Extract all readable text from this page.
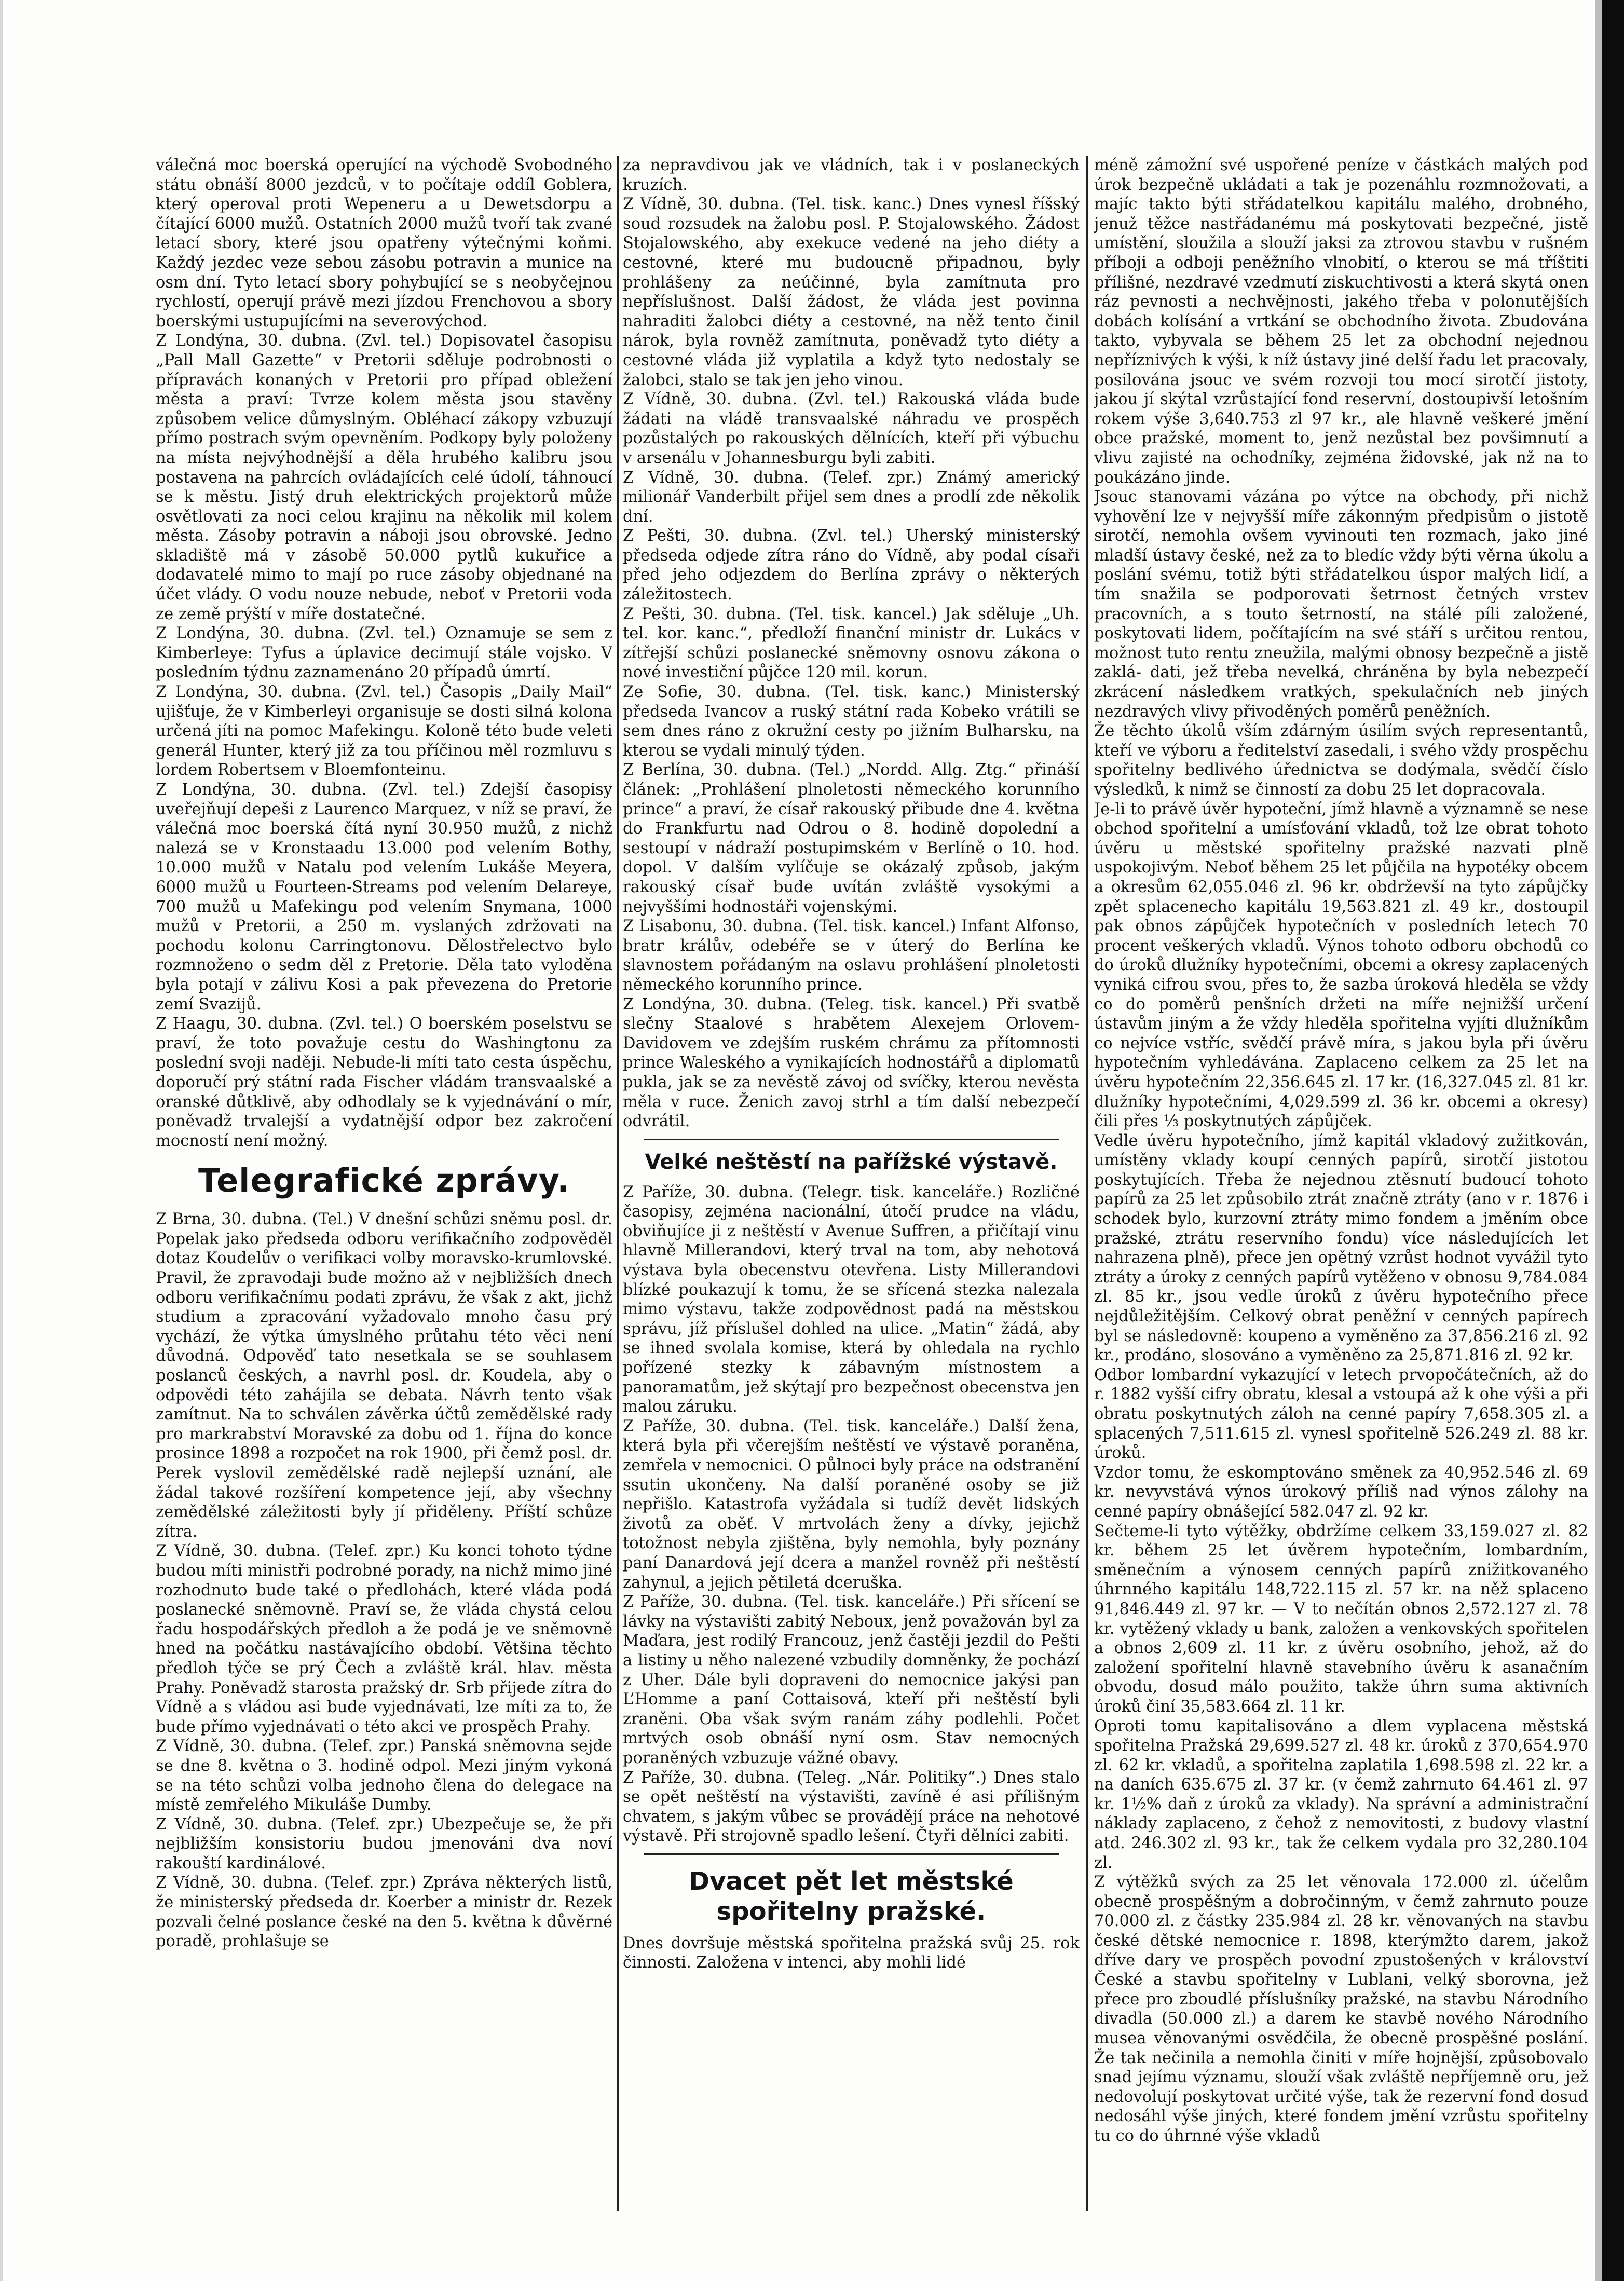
válečná moc boerská operující na východě Svobodného státu obnáší 8000 jezdců, v to počítaje oddíl Goblera, který operoval proti Wepeneru a u Dewetsdorpu a čítající 6000 mužů. Ostatních 2000 mužů tvoří tak zvané letací sbory, které jsou opatřeny výtečnými koňmi. Každý jezdec veze sebou zásobu potravin a munice na osm dní. Tyto letací sbory pohybující se s neobyčejnou rychlostí, operují právě mezi jízdou Frenchovou a sbory boerskými ustupujícími na severovýchod.

Z Londýna, 30. dubna. (Zvl. tel.) Dopisovatel časopisu „Pall Mall Gazette“ v Pretorii sděluje podrobnosti o přípravách konaných v Pretorii pro případ obležení města a praví: Tvrze kolem města jsou stavěny způsobem velice důmyslným. Obléhací zákopy vzbuzují přímo postrach svým opevněním. Podkopy byly položeny na místa nejvýhodnější a děla hrubého kalibru jsou postavena na pahrcích ovládajících celé údolí, táhnoucí se k městu. Jistý druh elektrických projektorů může osvětlovati za noci celou krajinu na několik mil kolem města. Zásoby potravin a náboji jsou obrovské. Jedno skladiště má v zásobě 50.000 pytlů kukuřice a dodavatelé mimo to mají po ruce zásoby objednané na účet vlády. O vodu nouze nebude, neboť v Pretorii voda ze země prýští v míře dostatečné.

Z Londýna, 30. dubna. (Zvl. tel.) Oznamuje se sem z Kimberleye: Tyfus a úplavice decimují stále vojsko. V posledním týdnu zaznamenáno 20 případů úmrtí.

Z Londýna, 30. dubna. (Zvl. tel.) Časopis „Daily Mail“ ujišťuje, že v Kimberleyi organisuje se dosti silná kolona určená jíti na pomoc Mafekingu. Koloně této bude veleti generál Hunter, který již za tou příčinou měl rozmluvu s lordem Robertsem v Bloemfonteinu.

Z Londýna, 30. dubna. (Zvl. tel.) Zdejší časopisy uveřejňují depeši z Laurenco Marquez, v níž se praví, že válečná moc boerská čítá nyní 30.950 mužů, z nichž nalezá se v Kronstaadu 13.000 pod velením Bothy, 10.000 mužů v Natalu pod velením Lukáše Meyera, 6000 mužů u Fourteen-Streams pod velením Delareye, 700 mužů u Mafekingu pod velením Snymana, 1000 mužů v Pretorii, a 250 m. vyslaných zdržovati na pochodu kolonu Carringtonovu. Dělostřelectvo bylo rozmnoženo o sedm děl z Pretorie. Děla tato vyloděna byla potají v zálivu Kosi a pak převezena do Pretorie zemí Svazijů.

Z Haagu, 30. dubna. (Zvl. tel.) O boerském poselstvu se praví, že toto považuje cestu do Washingtonu za poslední svoji naději. Nebude-li míti tato cesta úspěchu, doporučí prý státní rada Fischer vládám transvaalské a oranské důtklivě, aby odhodlaly se k vyjednávání o mír, poněvadž trvalejší a vydatnější odpor bez zakročení mocností není možný.

Telegrafické zprávy.

Z Brna, 30. dubna. (Tel.) V dnešní schůzi sněmu posl. dr. Popelak jako předseda odboru verifikačního zodpověděl dotaz Koudelův o verifikaci volby moravsko-krumlovské. Pravil, že zpravodaji bude možno až v nejbližších dnech odboru verifikačnímu podati zprávu, že však z akt, jichž studium a zpracování vyžadovalo mnoho času prý vychází, že výtka úmyslného průtahu této věci není důvodná. Odpověď tato nesetkala se se souhlasem poslanců českých, a navrhl posl. dr. Koudela, aby o odpovědi této zahájila se debata. Návrh tento však zamítnut. Na to schválen závěrka účtů zemědělské rady pro markrabství Moravské za dobu od 1. října do konce prosince 1898 a rozpočet na rok 1900, při čemž posl. dr. Perek vyslovil zemědělské radě nejlepší uznání, ale žádal takové rozšíření kompetence její, aby všechny zemědělské záležitosti byly jí přiděleny. Příští schůze zítra.

Z Vídně, 30. dubna. (Telef. zpr.) Ku konci tohoto týdne budou míti ministři podrobné porady, na nichž mimo jiné rozhodnuto bude také o předlohách, které vláda podá poslanecké sněmovně. Praví se, že vláda chystá celou řadu hospodářských předloh a že podá je ve sněmovně hned na počátku nastávajícího období. Většina těchto předloh týče se prý Čech a zvláště král. hlav. města Prahy. Poněvadž starosta pražský dr. Srb přijede zítra do Vídně a s vládou asi bude vyjednávati, lze míti za to, že bude přímo vyjednávati o této akci ve prospěch Prahy.

Z Vídně, 30. dubna. (Telef. zpr.) Panská sněmovna sejde se dne 8. května o 3. hodině odpol. Mezi jiným vykoná se na této schůzi volba jednoho člena do delegace na místě zemřelého Mikuláše Dumby.

Z Vídně, 30. dubna. (Telef. zpr.) Ubezpečuje se, že při nejbližším konsistoriu budou jmenováni dva noví rakouští kardinálové.

Z Vídně, 30. dubna. (Telef. zpr.) Zpráva některých listů, že ministerský předseda dr. Koerber a ministr dr. Rezek pozvali čelné poslance české na den 5. května k důvěrné poradě, prohlašuje se

za nepravdivou jak ve vládních, tak i v poslaneckých kruzích.

Z Vídně, 30. dubna. (Tel. tisk. kanc.) Dnes vynesl říšský soud rozsudek na žalobu posl. P. Stojalowského. Žádost Stojalowského, aby exekuce vedené na jeho diéty a cestovné, které mu budoucně připadnou, byly prohlášeny za neúčinné, byla zamítnuta pro nepříslušnost. Další žádost, že vláda jest povinna nahraditi žalobci diéty a cestovné, na něž tento činil nárok, byla rovněž zamítnuta, poněvadž tyto diéty a cestovné vláda již vyplatila a když tyto nedostaly se žalobci, stalo se tak jen jeho vinou.

Z Vídně, 30. dubna. (Zvl. tel.) Rakouská vláda bude žádati na vládě transvaalské náhradu ve prospěch pozůstalých po rakouských dělnících, kteří při výbuchu v arsenálu v Johannesburgu byli zabiti.

Z Vídně, 30. dubna. (Telef. zpr.) Známý americký milionář Vanderbilt přijel sem dnes a prodlí zde několik dní.

Z Pešti, 30. dubna. (Zvl. tel.) Uherský ministerský předseda odjede zítra ráno do Vídně, aby podal císaři před jeho odjezdem do Berlína zprávy o některých záležitostech.

Z Pešti, 30. dubna. (Tel. tisk. kancel.) Jak sděluje „Uh. tel. kor. kanc.“, předloží finanční ministr dr. Lukács v zítřejší schůzi poslanecké sněmovny osnovu zákona o nové investiční půjčce 120 mil. korun.

Ze Sofie, 30. dubna. (Tel. tisk. kanc.) Ministerský předseda Ivancov a ruský státní rada Kobeko vrátili se sem dnes ráno z okružní cesty po jižním Bulharsku, na kterou se vydali minulý týden.

Z Berlína, 30. dubna. (Tel.) „Nordd. Allg. Ztg.“ přináší článek: „Prohlášení plnoletosti německého korunního prince“ a praví, že císař rakouský přibude dne 4. května do Frankfurtu nad Odrou o 8. hodině dopolední a sestoupí v nádraží postupimském v Berlíně o 10. hod. dopol. V dalším vylíčuje se okázalý způsob, jakým rakouský císař bude uvítán zvláště vysokými a nejvyššími hodnostáři vojenskými.

Z Lisabonu, 30. dubna. (Tel. tisk. kancel.) Infant Alfonso, bratr králův, odebéře se v úterý do Berlína ke slavnostem pořádaným na oslavu prohlášení plnoletosti německého korunního prince.

Z Londýna, 30. dubna. (Teleg. tisk. kancel.) Při svatbě slečny Staalové s hrabětem Alexejem Orlovem-Davidovem ve zdejším ruském chrámu za přítomnosti prince Waleského a vynikajících hodnostářů a diplomatů pukla, jak se za nevěstě závoj od svíčky, kterou nevěsta měla v ruce. Ženich zavoj strhl a tím další nebezpečí odvrátil.

Velké neštěstí na pařížské výstavě.

Z Paříže, 30. dubna. (Telegr. tisk. kanceláře.) Rozličné časopisy, zejména nacionální, útočí prudce na vládu, obviňujíce ji z neštěstí v Avenue Suffren, a přičítají vinu hlavně Millerandovi, který trval na tom, aby nehotová výstava byla obecenstvu otevřena. Listy Millerandovi blízké poukazují k tomu, že se sřícená stezka nalezala mimo výstavu, takže zodpovědnost padá na městskou správu, jíž příslušel dohled na ulice. „Matin“ žádá, aby se ihned svolala komise, která by ohledala na rychlo pořízené stezky k zábavným místnostem a panoramatům, jež skýtají pro bezpečnost obecenstva jen malou záruku.

Z Paříže, 30. dubna. (Tel. tisk. kanceláře.) Další žena, která byla při včerejším neštěstí ve výstavě poraněna, zemřela v nemocnici. O půlnoci byly práce na odstranění ssutin ukončeny. Na další poraněné osoby se již nepřišlo. Katastrofa vyžádala si tudíž devět lidských životů za oběť. V mrtvolách ženy a dívky, jejichž totožnost nebyla zjištěna, byly nemohla, byly poznány paní Danardová její dcera a manžel rovněž při neštěstí zahynul, a jejich pětiletá dceruška.

Z Paříže, 30. dubna. (Tel. tisk. kanceláře.) Při sřícení se lávky na výstavišti zabitý Neboux, jenž považován byl za Maďara, jest rodilý Francouz, jenž častěji jezdil do Pešti a listiny u něho nalezené vzbudily domněnky, že pochází z Uher. Dále byli dopraveni do nemocnice jakýsi pan L’Homme a paní Cottaisová, kteří při neštěstí byli zraněni. Oba však svým ranám záhy podlehli. Počet mrtvých osob obnáší nyní osm. Stav nemocných poraněných vzbuzuje vážné obavy.

Z Paříže, 30. dubna. (Teleg. „Nár. Politiky“.) Dnes stalo se opět neštěstí na výstavišti, zavíně é asi přílišným chvatem, s jakým vůbec se provádějí práce na nehotové výstavě. Při strojovně spadlo lešení. Čtyři dělníci zabiti.

Dvacet pět let městské spořitelny pražské.

Dnes dovršuje městská spořitelna pražská svůj 25. rok činnosti. Založena v intenci, aby mohli lidé

méně zámožní své uspořené peníze v částkách malých pod úrok bezpečně ukládati a tak je pozenáhlu rozmnožovati, a majíc takto býti střádatelkou kapitálu malého, drobného, jenuž těžce nastřádanému má poskytovati bezpečné, jistě umístění, sloužila a slouží jaksi za ztrovou stavbu v rušném příboji a odboji peněžního vlnobití, o kterou se má tříštiti přílišné, nezdravé vzedmutí ziskuchtivosti a která skytá onen ráz pevnosti a nechvějnosti, jakého třeba v polonutějších dobách kolísání a vrtkání se obchodního života. Zbudována takto, vybyvala se během 25 let za obchodní nejednou nepříznivých k výši, k níž ústavy jiné delší řadu let pracovaly, posilována jsouc ve svém rozvoji tou mocí sirotčí jistoty, jakou jí skýtal vzrůstající fond reservní, dostoupivší letošním rokem výše 3,640.753 zl 97 kr., ale hlavně veškeré jmění obce pražské, moment to, jenž nezůstal bez povšimnutí a vlivu zajisté na ochodníky, zejména židovské, jak nž na to poukázáno jinde.

Jsouc stanovami vázána po výtce na obchody, při nichž vyhovění lze v nejvyšší míře zákonným předpisům o jistotě sirotčí, nemohla ovšem vyvinouti ten rozmach, jako jiné mladší ústavy české, než za to bledíc vždy býti věrna úkolu a poslání svému, totiž býti střádatelkou úspor malých lidí, a tím snažila se podporovati šetrnost četných vrstev pracovních, a s touto šetrností, na stálé píli založené, poskytovati lidem, počítajícím na své stáří s určitou rentou, možnost tuto rentu zneužila, malými obnosy bezpečně a jistě zaklá- dati, jež třeba nevelká, chráněna by byla nebezpečí zkrácení následkem vratkých, spekulačních neb jiných nezdravých vlivy přivoděných poměrů peněžních.

Že těchto úkolů vším zdárným úsilím svých representantů, kteří ve výboru a ředitelství zasedali, i svého vždy prospěchu spořitelny bedlivého úřednictva se dodýmala, svědčí číslo výsledků, k nimž se činností za dobu 25 let dopracovala.

Je-li to právě úvěr hypoteční, jímž hlavně a významně se nese obchod spořitelní a umísťování vkladů, tož lze obrat tohoto úvěru u městské spořitelny pražské nazvati plně uspokojivým. Neboť během 25 let půjčila na hypotéky obcem a okresům 62,055.046 zl. 96 kr. obdrževší na tyto zápůjčky zpět splacenecho kapitálu 19,563.821 zl. 49 kr., dostoupil pak obnos zápůjček hypotečních v posledních letech 70 procent veškerých vkladů. Výnos tohoto odboru obchodů co do úroků dlužníky hypotečními, obcemi a okresy zaplacených vyniká cifrou svou, přes to, že sazba úroková hleděla se vždy co do poměrů penšních držeti na míře nejnižší určení ústavům jiným a že vždy hleděla spořitelna vyjíti dlužníkům co nejvíce vstříc, svědčí právě míra, s jakou byla při úvěru hypotečním vyhledávána. Zaplaceno celkem za 25 let na úvěru hypotečním 22,356.645 zl. 17 kr. (16,327.045 zl. 81 kr. dlužníky hypotečními, 4,029.599 zl. 36 kr. obcemi a okresy) čili přes ⅓ poskytnutých zápůjček.

Vedle úvěru hypotečního, jímž kapitál vkladový zužitkován, umístěny vklady koupí cenných papírů, sirotčí jistotou poskytujících. Třeba že nejednou ztěsnutí budoucí tohoto papírů za 25 let způsobilo ztrát značně ztráty (ano v r. 1876 i schodek bylo, kurzovní ztráty mimo fondem a jměním obce pražské, ztrátu reservního fondu) více následujících let nahrazena plně), přece jen opětný vzrůst hodnot vyvážil tyto ztráty a úroky z cenných papírů vytěženo v obnosu 9,784.084 zl. 85 kr., jsou vedle úroků z úvěru hypotečního přece nejdůležitějším. Celkový obrat peněžní v cenných papírech byl se následovně: koupeno a vyměněno za 37,856.216 zl. 92 kr., prodáno, slosováno a vyměněno za 25,871.816 zl. 92 kr.

Odbor lombardní vykazující v letech prvopočátečních, až do r. 1882 vyšší cifry obratu, klesal a vstoupá až k ohe výši a při obratu poskytnutých záloh na cenné papíry 7,658.305 zl. a splacených 7,511.615 zl. vynesl spořitelně 526.249 zl. 88 kr. úroků.

Vzdor tomu, že eskomptováno směnek za 40,952.546 zl. 69 kr. nevyvstává výnos úrokový příliš nad výnos zálohy na cenné papíry obnášející 582.047 zl. 92 kr.

Sečteme-li tyto výtěžky, obdržíme celkem 33,159.027 zl. 82 kr. během 25 let úvěrem hypotečním, lombardním, směnečním a výnosem cenných papírů znižitkovaného úhrnného kapitálu 148,722.115 zl. 57 kr. na něž splaceno 91,846.449 zl. 97 kr. — V to nečítán obnos 2,572.127 zl. 78 kr. vytěžený vklady u bank, založen a venkovských spořitelen a obnos 2,609 zl. 11 kr. z úvěru osobního, jehož, až do založení spořitelní hlavně stavebního úvěru k asanačním obvodu, dosud málo použito, takže úhrn suma aktivních úroků činí 35,583.664 zl. 11 kr.

Oproti tomu kapitalisováno a dlem vyplacena městská spořitelna Pražská 29,699.527 zl. 48 kr. úroků z 370,654.970 zl. 62 kr. vkladů, a spořitelna zaplatila 1,698.598 zl. 22 kr. a na daních 635.675 zl. 37 kr. (v čemž zahrnuto 64.461 zl. 97 kr. 1½% daň z úroků za vklady). Na správní a administrační náklady zaplaceno, z čehož z nemovitosti, z budovy vlastní atd. 246.302 zl. 93 kr., tak že celkem vydala pro 32,280.104 zl.

Z výtěžků svých za 25 let věnovala 172.000 zl. účelům obecně prospěšným a dobročinným, v čemž zahrnuto pouze 70.000 zl. z částky 235.984 zl. 28 kr. věnovaných na stavbu české dětské nemocnice r. 1898, kterýmžto darem, jakož dříve dary ve prospěch povodní zpustošených v království České a stavbu spořitelny v Lublani, velký sborovna, jež přece pro zboudlé příslušníky pražské, na stavbu Národního divadla (50.000 zl.) a darem ke stavbě nového Národního musea věnovanými osvědčila, že obecně prospěšné poslání. Že tak nečinila a nemohla činiti v míře hojnější, způsobovalo snad jejímu významu, slouží však zvláště nepříjemně oru, jež nedovolují poskytovat určité výše, tak že rezervní fond dosud nedosáhl výše jiných, které fondem jmění vzrůstu spořitelny tu co do úhrnné výše vkladů
